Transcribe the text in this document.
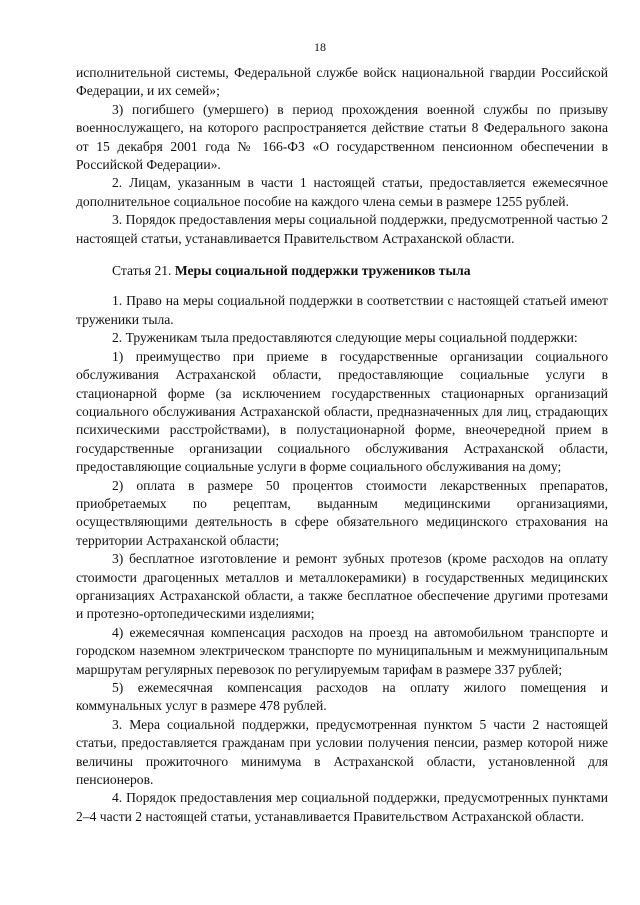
18

исполнительной системы, Федеральной службе войск национальной гвардии Российской Федерации, и их семей»;

3) погибшего (умершего) в период прохождения военной службы по призыву военнослужащего, на которого распространяется действие статьи 8 Федерального закона от 15 декабря 2001 года № 166-ФЗ «О государственном пенсионном обеспечении в Российской Федерации».

2. Лицам, указанным в части 1 настоящей статьи, предоставляется ежемесячное дополнительное социальное пособие на каждого члена семьи в размере 1255 рублей.

3. Порядок предоставления меры социальной поддержки, предусмотренной частью 2 настоящей статьи, устанавливается Правительством Астраханской области.

Статья 21. Меры социальной поддержки тружеников тыла

1. Право на меры социальной поддержки в соответствии с настоящей статьей имеют труженики тыла.

2. Труженикам тыла предоставляются следующие меры социальной поддержки:

1) преимущество при приеме в государственные организации социального обслуживания Астраханской области, предоставляющие социальные услуги в стационарной форме (за исключением государственных стационарных организаций социального обслуживания Астраханской области, предназначенных для лиц, страдающих психическими расстройствами), в полустационарной форме, внеочередной прием в государственные организации социального обслуживания Астраханской области, предоставляющие социальные услуги в форме социального обслуживания на дому;

2) оплата в размере 50 процентов стоимости лекарственных препаратов, приобретаемых по рецептам, выданным медицинскими организациями, осуществляющими деятельность в сфере обязательного медицинского страхования на территории Астраханской области;

3) бесплатное изготовление и ремонт зубных протезов (кроме расходов на оплату стоимости драгоценных металлов и металлокерамики) в государственных медицинских организациях Астраханской области, а также бесплатное обеспечение другими протезами и протезно-ортопедическими изделиями;

4) ежемесячная компенсация расходов на проезд на автомобильном транспорте и городском наземном электрическом транспорте по муниципальным и межмуниципальным маршрутам регулярных перевозок по регулируемым тарифам в размере 337 рублей;

5) ежемесячная компенсация расходов на оплату жилого помещения и коммунальных услуг в размере 478 рублей.

3. Мера социальной поддержки, предусмотренная пунктом 5 части 2 настоящей статьи, предоставляется гражданам при условии получения пенсии, размер которой ниже величины прожиточного минимума в Астраханской области, установленной для пенсионеров.

4. Порядок предоставления мер социальной поддержки, предусмотренных пунктами 2–4 части 2 настоящей статьи, устанавливается Правительством Астраханской области.
